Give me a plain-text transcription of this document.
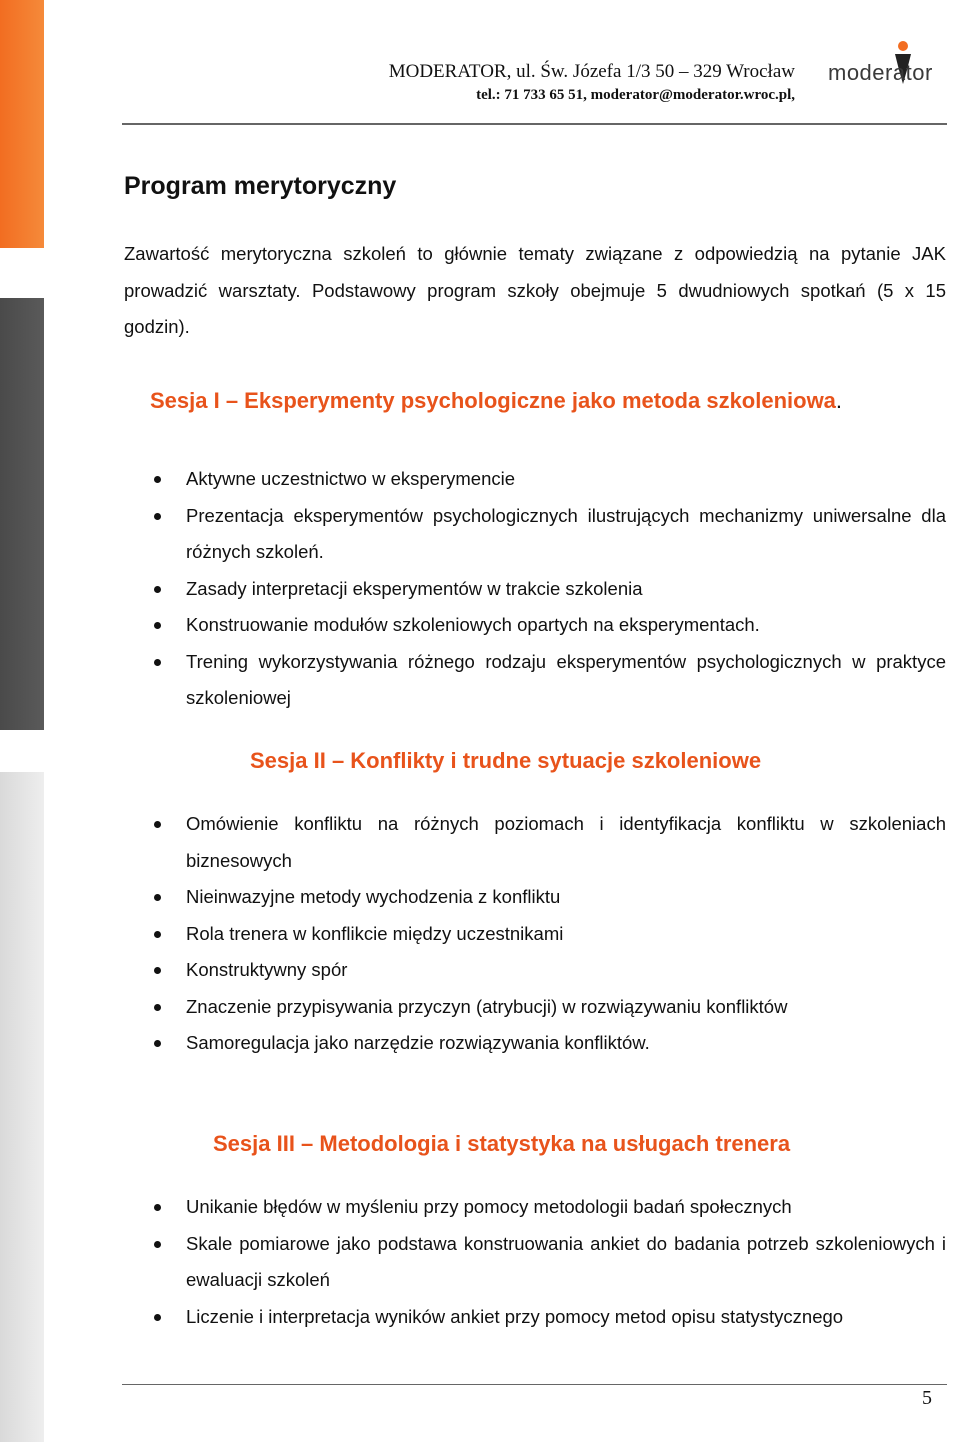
MODERATOR, ul. Św. Józefa 1/3 50 – 329 Wrocław
tel.: 71 733 65 51, moderator@moderator.wroc.pl,
moderator
Program merytoryczny

Zawartość merytoryczna szkoleń to głównie tematy związane z odpowiedzią na pytanie JAK prowadzić warsztaty. Podstawowy program szkoły obejmuje 5 dwudniowych spotkań (5 x 15 godzin).

Sesja I – Eksperymenty psychologiczne jako metoda szkoleniowa.
Aktywne uczestnictwo w eksperymencie
Prezentacja eksperymentów psychologicznych ilustrujących mechanizmy uniwersalne dla różnych szkoleń.
Zasady interpretacji eksperymentów w trakcie szkolenia
Konstruowanie modułów szkoleniowych opartych na eksperymentach.
Trening wykorzystywania różnego rodzaju eksperymentów psychologicznych w praktyce szkoleniowej
Sesja II – Konflikty i trudne sytuacje szkoleniowe
Omówienie konfliktu na różnych poziomach i identyfikacja konfliktu w szkoleniach biznesowych
Nieinwazyjne metody wychodzenia z konfliktu
Rola trenera w konflikcie między uczestnikami
Konstruktywny spór
Znaczenie przypisywania przyczyn (atrybucji) w rozwiązywaniu konfliktów
Samoregulacja jako narzędzie rozwiązywania konfliktów.
Sesja III – Metodologia i statystyka na usługach trenera
Unikanie błędów w myśleniu przy pomocy metodologii badań społecznych
Skale pomiarowe jako podstawa konstruowania ankiet do badania potrzeb szkoleniowych i ewaluacji szkoleń
Liczenie i interpretacja wyników ankiet przy pomocy metod opisu statystycznego
5
